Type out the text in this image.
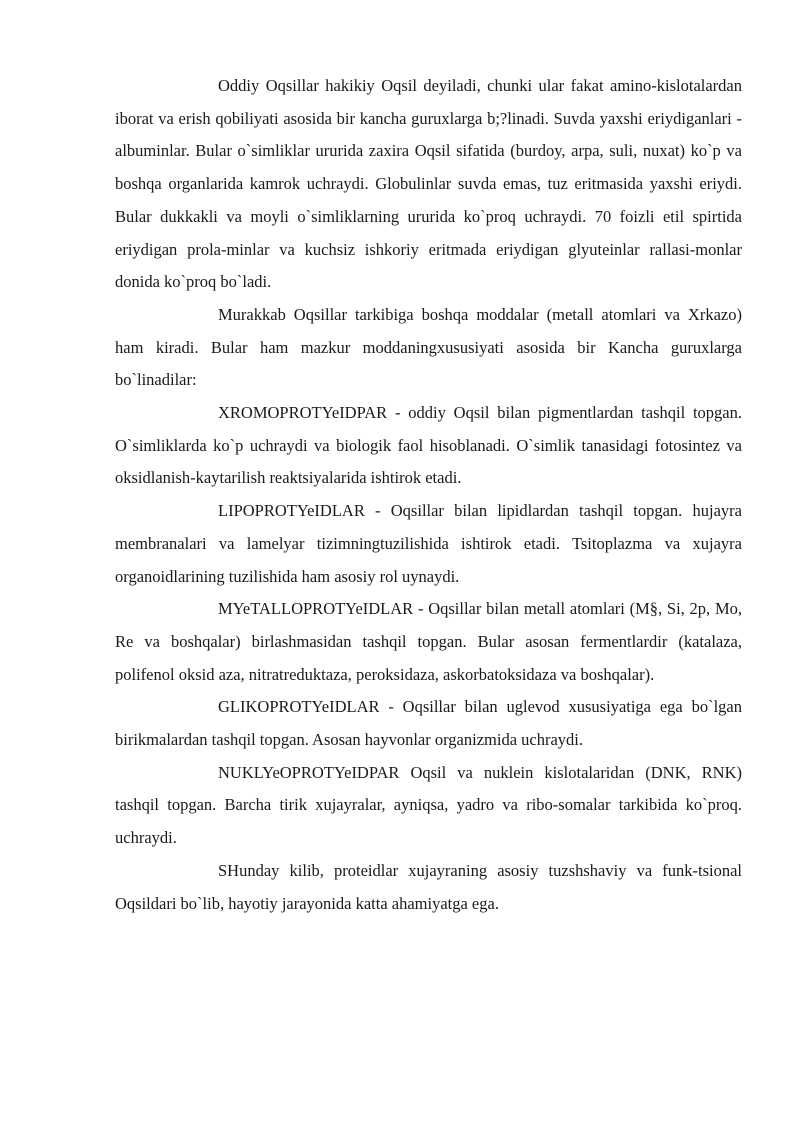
Oddiy Oqsillar hakikiy Oqsil deyiladi, chunki ular fakat amino-kislotalardan iborat va erish qobiliyati asosida bir kancha guruxlarga b;?linadi. Suvda yaxshi eriydiganlari - albuminlar. Bular o`simliklar ururida zaxira Oqsil sifatida (burdoy, arpa, suli, nuxat) ko`p va boshqa organlarida kamrok uchraydi. Globulinlar suvda emas, tuz eritmasida yaxshi eriydi. Bular dukkakli va moyli o`simliklarning ururida ko`proq uchraydi. 70 foizli etil spirtida eriydigan prola-minlar va kuchsiz ishkoriy eritmada eriydigan glyuteinlar rallasi-monlar donida ko`proq bo`ladi.

Murakkab Oqsillar tarkibiga boshqa moddalar (metall atomlari va Xrkazo) ham kiradi. Bular ham mazkur moddaningxususiyati asosida bir Kancha guruxlarga bo`linadilar:

XROMOPROTYeIDPAR - oddiy Oqsil bilan pigmentlardan tashqil topgan. O`simliklarda ko`p uchraydi va biologik faol hisoblanadi. O`simlik tanasidagi fotosintez va oksidlanish-kaytarilish reaktsiyalarida ishtirok etadi.

LIPOPROTYeIDLAR - Oqsillar bilan lipidlardan tashqil topgan. hujayra membranalari va lamelyar tizimningtuzilishida ishtirok etadi. Tsitoplazma va xujayra organoidlarining tuzilishida ham asosiy rol uynaydi.

MYeTALLOPROTYeIDLAR - Oqsillar bilan metall atomlari (M§, Si, 2p, Mo, Re va boshqalar) birlashmasidan tashqil topgan. Bular asosan fermentlardir (katalaza, polifenol oksid aza, nitratreduktaza, peroksidaza, askorbatoksidaza va boshqalar).

GLIKOPROTYeIDLAR - Oqsillar bilan uglevod xususiyatiga ega bo`lgan birikmalardan tashqil topgan. Asosan hayvonlar organizmida uchraydi.

NUKLYeOPROTYeIDPAR Oqsil va nuklein kislotalaridan (DNK, RNK) tashqil topgan. Barcha tirik xujayralar, ayniqsa, yadro va ribo-somalar tarkibida ko`proq. uchraydi.

SHunday kilib, proteidlar xujayraning asosiy tuzshshaviy va funk-tsional Oqsildari bo`lib, hayotiy jarayonida katta ahamiyatga ega.
